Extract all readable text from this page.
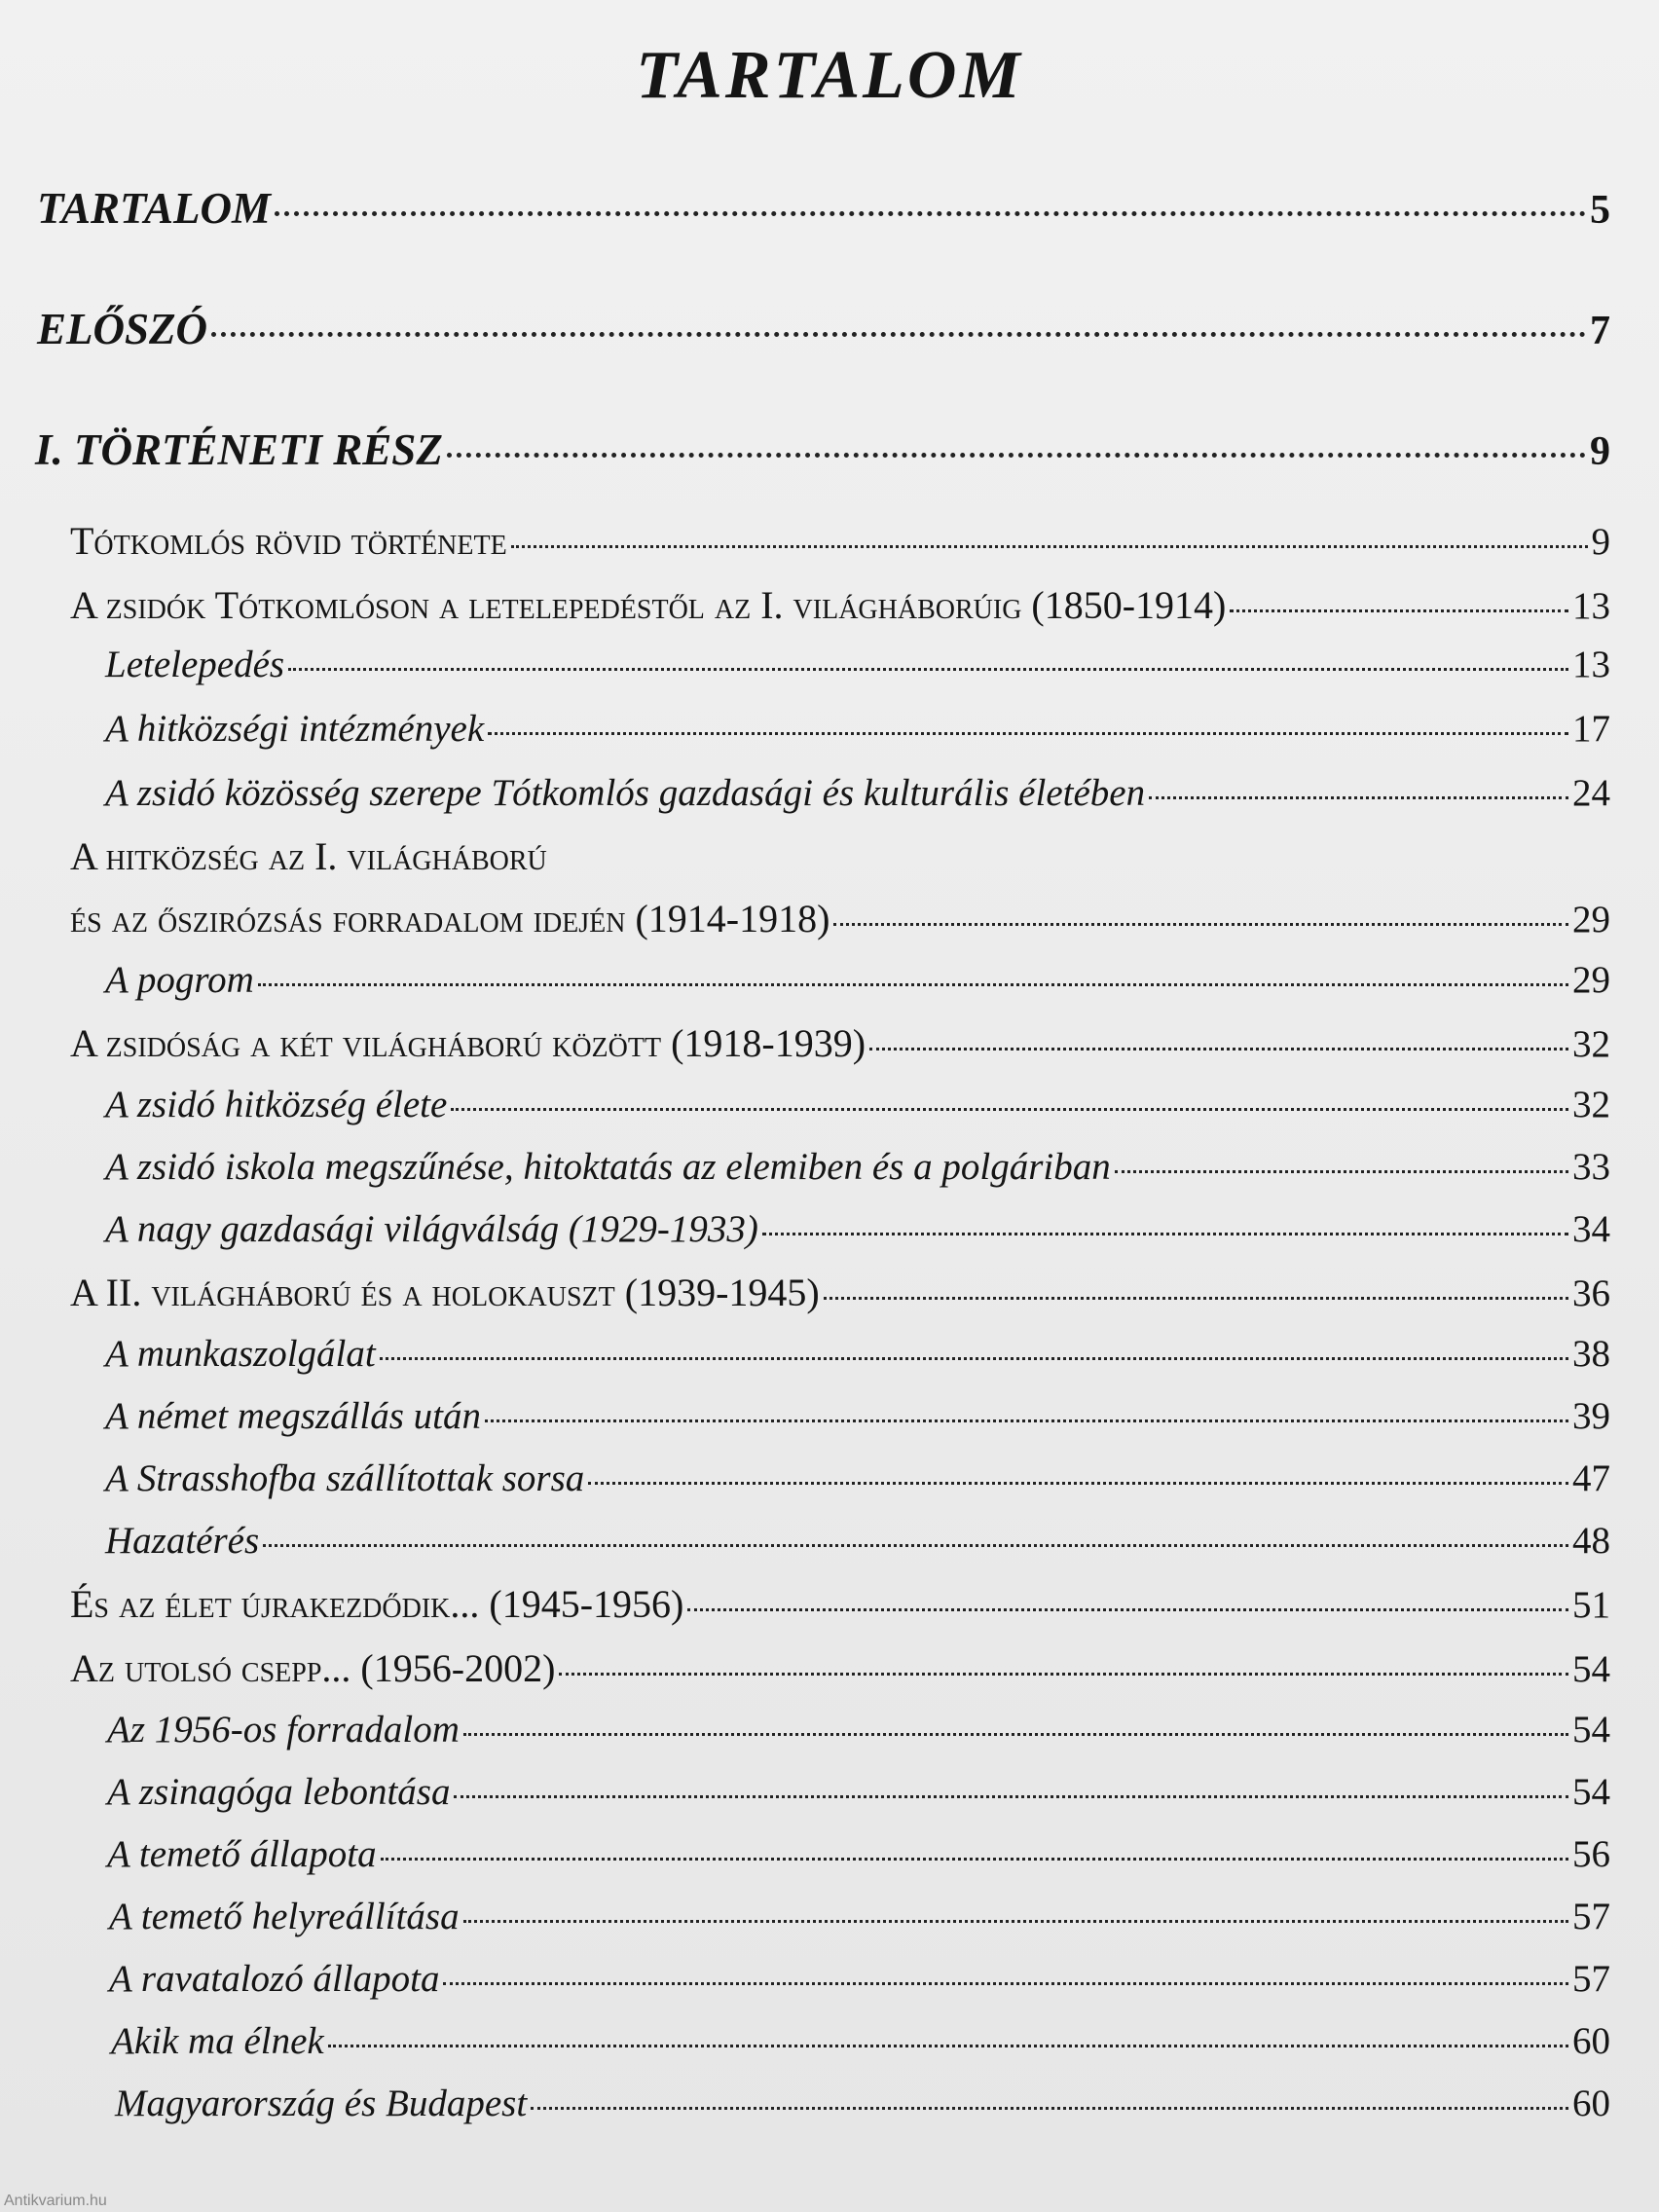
TARTALOM
TARTALOM	5
ELŐSZÓ	7
I. TÖRTÉNETI RÉSZ	9
Tótkomlós rövid története	9
A zsidók Tótkomlóson a letelepedéstől az I. világháborúig (1850-1914)	13
Letelepedés	13
A hitközségi intézmények	17
A zsidó közösség szerepe Tótkomlós gazdasági és kulturális életében	24
A hitközség az I. világháború
és az őszirózsás forradalom idején (1914-1918)	29
A pogrom	29
A zsidóság a két világháború között (1918-1939)	32
A zsidó hitközség élete	32
A zsidó iskola megszűnése, hitoktatás az elemiben és a polgáriban	33
A nagy gazdasági világválság (1929-1933)	34
A II. világháború és a holokauszt (1939-1945)	36
A munkaszolgálat	38
A német megszállás után	39
A Strasshofba szállítottak sorsa	47
Hazatérés	48
És az élet újrakezdődik... (1945-1956)	51
Az utolsó csepp... (1956-2002)	54
Az 1956-os forradalom	54
A zsinagóga lebontása	54
A temető állapota	56
A temető helyreállítása	57
A ravatalozó állapota	57
Akik ma élnek	60
Magyarország és Budapest	60
Antikvarium.hu
